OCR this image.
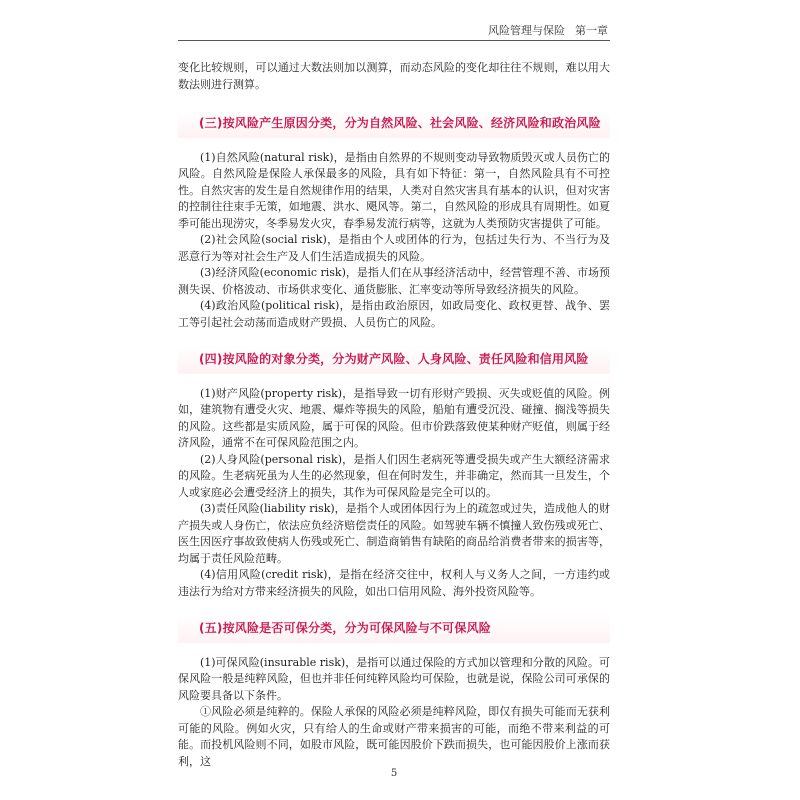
风险管理与保险 第一章

变化比较规则，可以通过大数法则加以测算，而动态风险的变化却往往不规则，难以用大数法则进行测算。

(三)按风险产生原因分类，分为自然风险、社会风险、经济风险和政治风险

(1)自然风险(natural risk)，是指由自然界的不规则变动导致物质毁灭或人员伤亡的风险。自然风险是保险人承保最多的风险，具有如下特征：第一，自然风险具有不可控性。自然灾害的发生是自然规律作用的结果，人类对自然灾害具有基本的认识，但对灾害的控制往往束手无策，如地震、洪水、飓风等。第二，自然风险的形成具有周期性。如夏季可能出现涝灾，冬季易发火灾，春季易发流行病等，这就为人类预防灾害提供了可能。

(2)社会风险(social risk)，是指由个人或团体的行为，包括过失行为、不当行为及恶意行为等对社会生产及人们生活造成损失的风险。

(3)经济风险(economic risk)，是指人们在从事经济活动中，经营管理不善、市场预测失误、价格波动、市场供求变化、通货膨胀、汇率变动等所导致经济损失的风险。

(4)政治风险(political risk)，是指由政治原因，如政局变化、政权更替、战争、罢工等引起社会动荡而造成财产毁损、人员伤亡的风险。

(四)按风险的对象分类，分为财产风险、人身风险、责任风险和信用风险

(1)财产风险(property risk)，是指导致一切有形财产毁损、灭失或贬值的风险。例如，建筑物有遭受火灾、地震、爆炸等损失的风险，船舶有遭受沉没、碰撞、搁浅等损失的风险。这些都是实质风险，属于可保的风险。但市价跌落致使某种财产贬值，则属于经济风险，通常不在可保风险范围之内。

(2)人身风险(personal risk)，是指人们因生老病死等遭受损失或产生大额经济需求的风险。生老病死虽为人生的必然现象，但在何时发生，并非确定，然而其一旦发生，个人或家庭必会遭受经济上的损失，其作为可保风险是完全可以的。

(3)责任风险(liability risk)，是指个人或团体因行为上的疏忽或过失，造成他人的财产损失或人身伤亡，依法应负经济赔偿责任的风险。如驾驶车辆不慎撞人致伤残或死亡、医生因医疗事故致使病人伤残或死亡、制造商销售有缺陷的商品给消费者带来的损害等，均属于责任风险范畴。

(4)信用风险(credit risk)，是指在经济交往中，权利人与义务人之间，一方违约或违法行为给对方带来经济损失的风险，如出口信用风险、海外投资风险等。

(五)按风险是否可保分类，分为可保风险与不可保风险

(1)可保风险(insurable risk)，是指可以通过保险的方式加以管理和分散的风险。可保风险一般是纯粹风险，但也并非任何纯粹风险均可保险，也就是说，保险公司可承保的风险要具备以下条件。

①风险必须是纯粹的。保险人承保的风险必须是纯粹风险，即仅有损失可能而无获利可能的风险。例如火灾，只有给人的生命或财产带来损害的可能，而绝不带来利益的可能。而投机风险则不同，如股市风险，既可能因股价下跌而损失，也可能因股价上涨而获利，这

5
